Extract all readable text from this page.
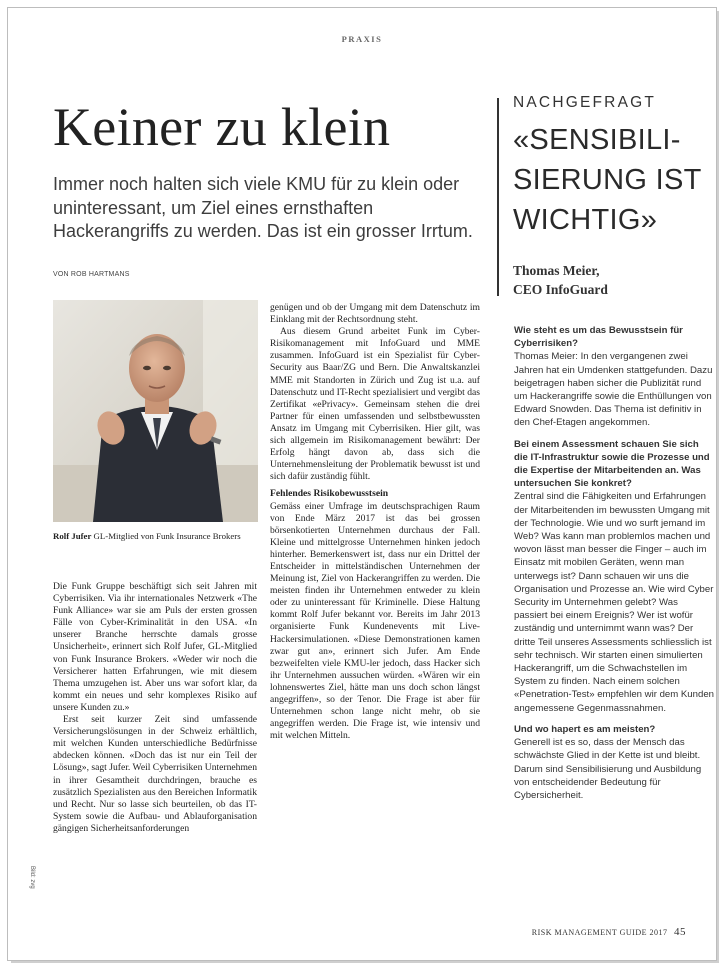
PRAXIS
Keiner zu klein
Immer noch halten sich viele KMU für zu klein oder uninteressant, um Ziel eines ernsthaften Hackerangriffs zu werden. Das ist ein grosser Irrtum.
VON ROB HARTMANS
Rolf Jufer GL-Mitglied von Funk Insurance Brokers

Die Funk Gruppe beschäftigt sich seit Jahren mit Cyberrisiken. Via ihr internationales Netzwerk «The Funk Alliance» war sie am Puls der ersten grossen Fälle von Cyber-Kriminalität in den USA. «In unserer Branche herrschte damals grosse Unsicherheit», erinnert sich Rolf Jufer, GL-Mitglied von Funk Insurance Brokers. «Weder wir noch die Versicherer hatten Erfahrungen, wie mit diesem Thema umzugehen ist. Aber uns war sofort klar, da kommt ein neues und sehr komplexes Risiko auf unsere Kunden zu.»

Erst seit kurzer Zeit sind umfassende Versicherungslösungen in der Schweiz erhältlich, mit welchen Kunden unterschiedliche Bedürfnisse abdecken können. «Doch das ist nur ein Teil der Lösung», sagt Jufer. Weil Cyberrisiken Unternehmen in ihrer Gesamtheit durchdringen, brauche es zusätzlich Spezialisten aus den Bereichen Informatik und Recht. Nur so lasse sich beurteilen, ob das IT-System sowie die Aufbau- und Ablauforganisation gängigen Sicherheitsanforderungen

genügen und ob der Umgang mit dem Datenschutz im Einklang mit der Rechtsordnung steht.

Aus diesem Grund arbeitet Funk im Cyber-Risikomanagement mit InfoGuard und MME zusammen. InfoGuard ist ein Spezialist für Cyber-Security aus Baar/ZG und Bern. Die Anwaltskanzlei MME mit Standorten in Zürich und Zug ist u.a. auf Datenschutz und IT-Recht spezialisiert und vergibt das Zertifikat «ePrivacy». Gemeinsam stehen die drei Partner für einen umfassenden und selbstbewussten Ansatz im Umgang mit Cyberrisiken. Hier gilt, was sich allgemein im Risikomanagement bewährt: Der Erfolg hängt davon ab, dass sich die Unternehmensleitung der Problematik bewusst ist und sich dafür zuständig fühlt.

Fehlendes Risikobewusstsein

Gemäss einer Umfrage im deutschsprachigen Raum von Ende März 2017 ist das bei grossen börsenkotierten Unternehmen durchaus der Fall. Kleine und mittelgrosse Unternehmen hinken jedoch hinterher. Bemerkenswert ist, dass nur ein Drittel der Entscheider in mittelständischen Unternehmen der Meinung ist, Ziel von Hackerangriffen zu werden. Die meisten finden ihr Unternehmen entweder zu klein oder zu uninteressant für Kriminelle. Diese Haltung kommt Rolf Jufer bekannt vor. Bereits im Jahr 2013 organisierte Funk Kundenevents mit Live-Hackersimulationen. «Diese Demonstrationen kamen zwar gut an», erinnert sich Jufer. Am Ende bezweifelten viele KMU-ler jedoch, dass Hacker sich ihr Unternehmen aussuchen würden. «Wären wir ein lohnenswertes Ziel, hätte man uns doch schon längst angegriffen», so der Tenor. Die Frage ist aber für Unternehmen schon lange nicht mehr, ob sie angegriffen werden. Die Frage ist, wie intensiv und mit welchen Mitteln.

NACHGEFRAGT
«SENSIBILI-SIERUNG IST WICHTIG»
Thomas Meier,
CEO InfoGuard

Wie steht es um das Bewusstsein für Cyberrisiken?

Thomas Meier: In den vergangenen zwei Jahren hat ein Umdenken stattgefunden. Dazu beigetragen haben sicher die Publizität rund um Hackerangriffe sowie die Enthüllungen von Edward Snowden. Das Thema ist definitiv in den Chef-Etagen angekommen.

Bei einem Assessment schauen Sie sich die IT-Infrastruktur sowie die Prozesse und die Expertise der Mitarbeitenden an. Was untersuchen Sie konkret?

Zentral sind die Fähigkeiten und Erfahrungen der Mitarbeitenden im bewussten Umgang mit der Technologie. Wie und wo surft jemand im Web? Was kann man problemlos machen und wovon lässt man besser die Finger – auch im Einsatz mit mobilen Geräten, wenn man unterwegs ist? Dann schauen wir uns die Organisation und Prozesse an. Wie wird Cyber Security im Unternehmen gelebt? Was passiert bei einem Ereignis? Wer ist wofür zuständig und unternimmt wann was? Der dritte Teil unseres Assessments schliesslich ist sehr technisch. Wir starten einen simulierten Hackerangriff, um die Schwachstellen im System zu finden. Nach einem solchen «Penetration-Test» empfehlen wir dem Kunden angemessene Gegenmassnahmen.

Und wo hapert es am meisten?

Generell ist es so, dass der Mensch das schwächste Glied in der Kette ist und bleibt. Darum sind Sensibilisierung und Ausbildung von entscheidender Bedeutung für Cybersicherheit.

Bild: zvg
RISK MANAGEMENT GUIDE 2017 45
